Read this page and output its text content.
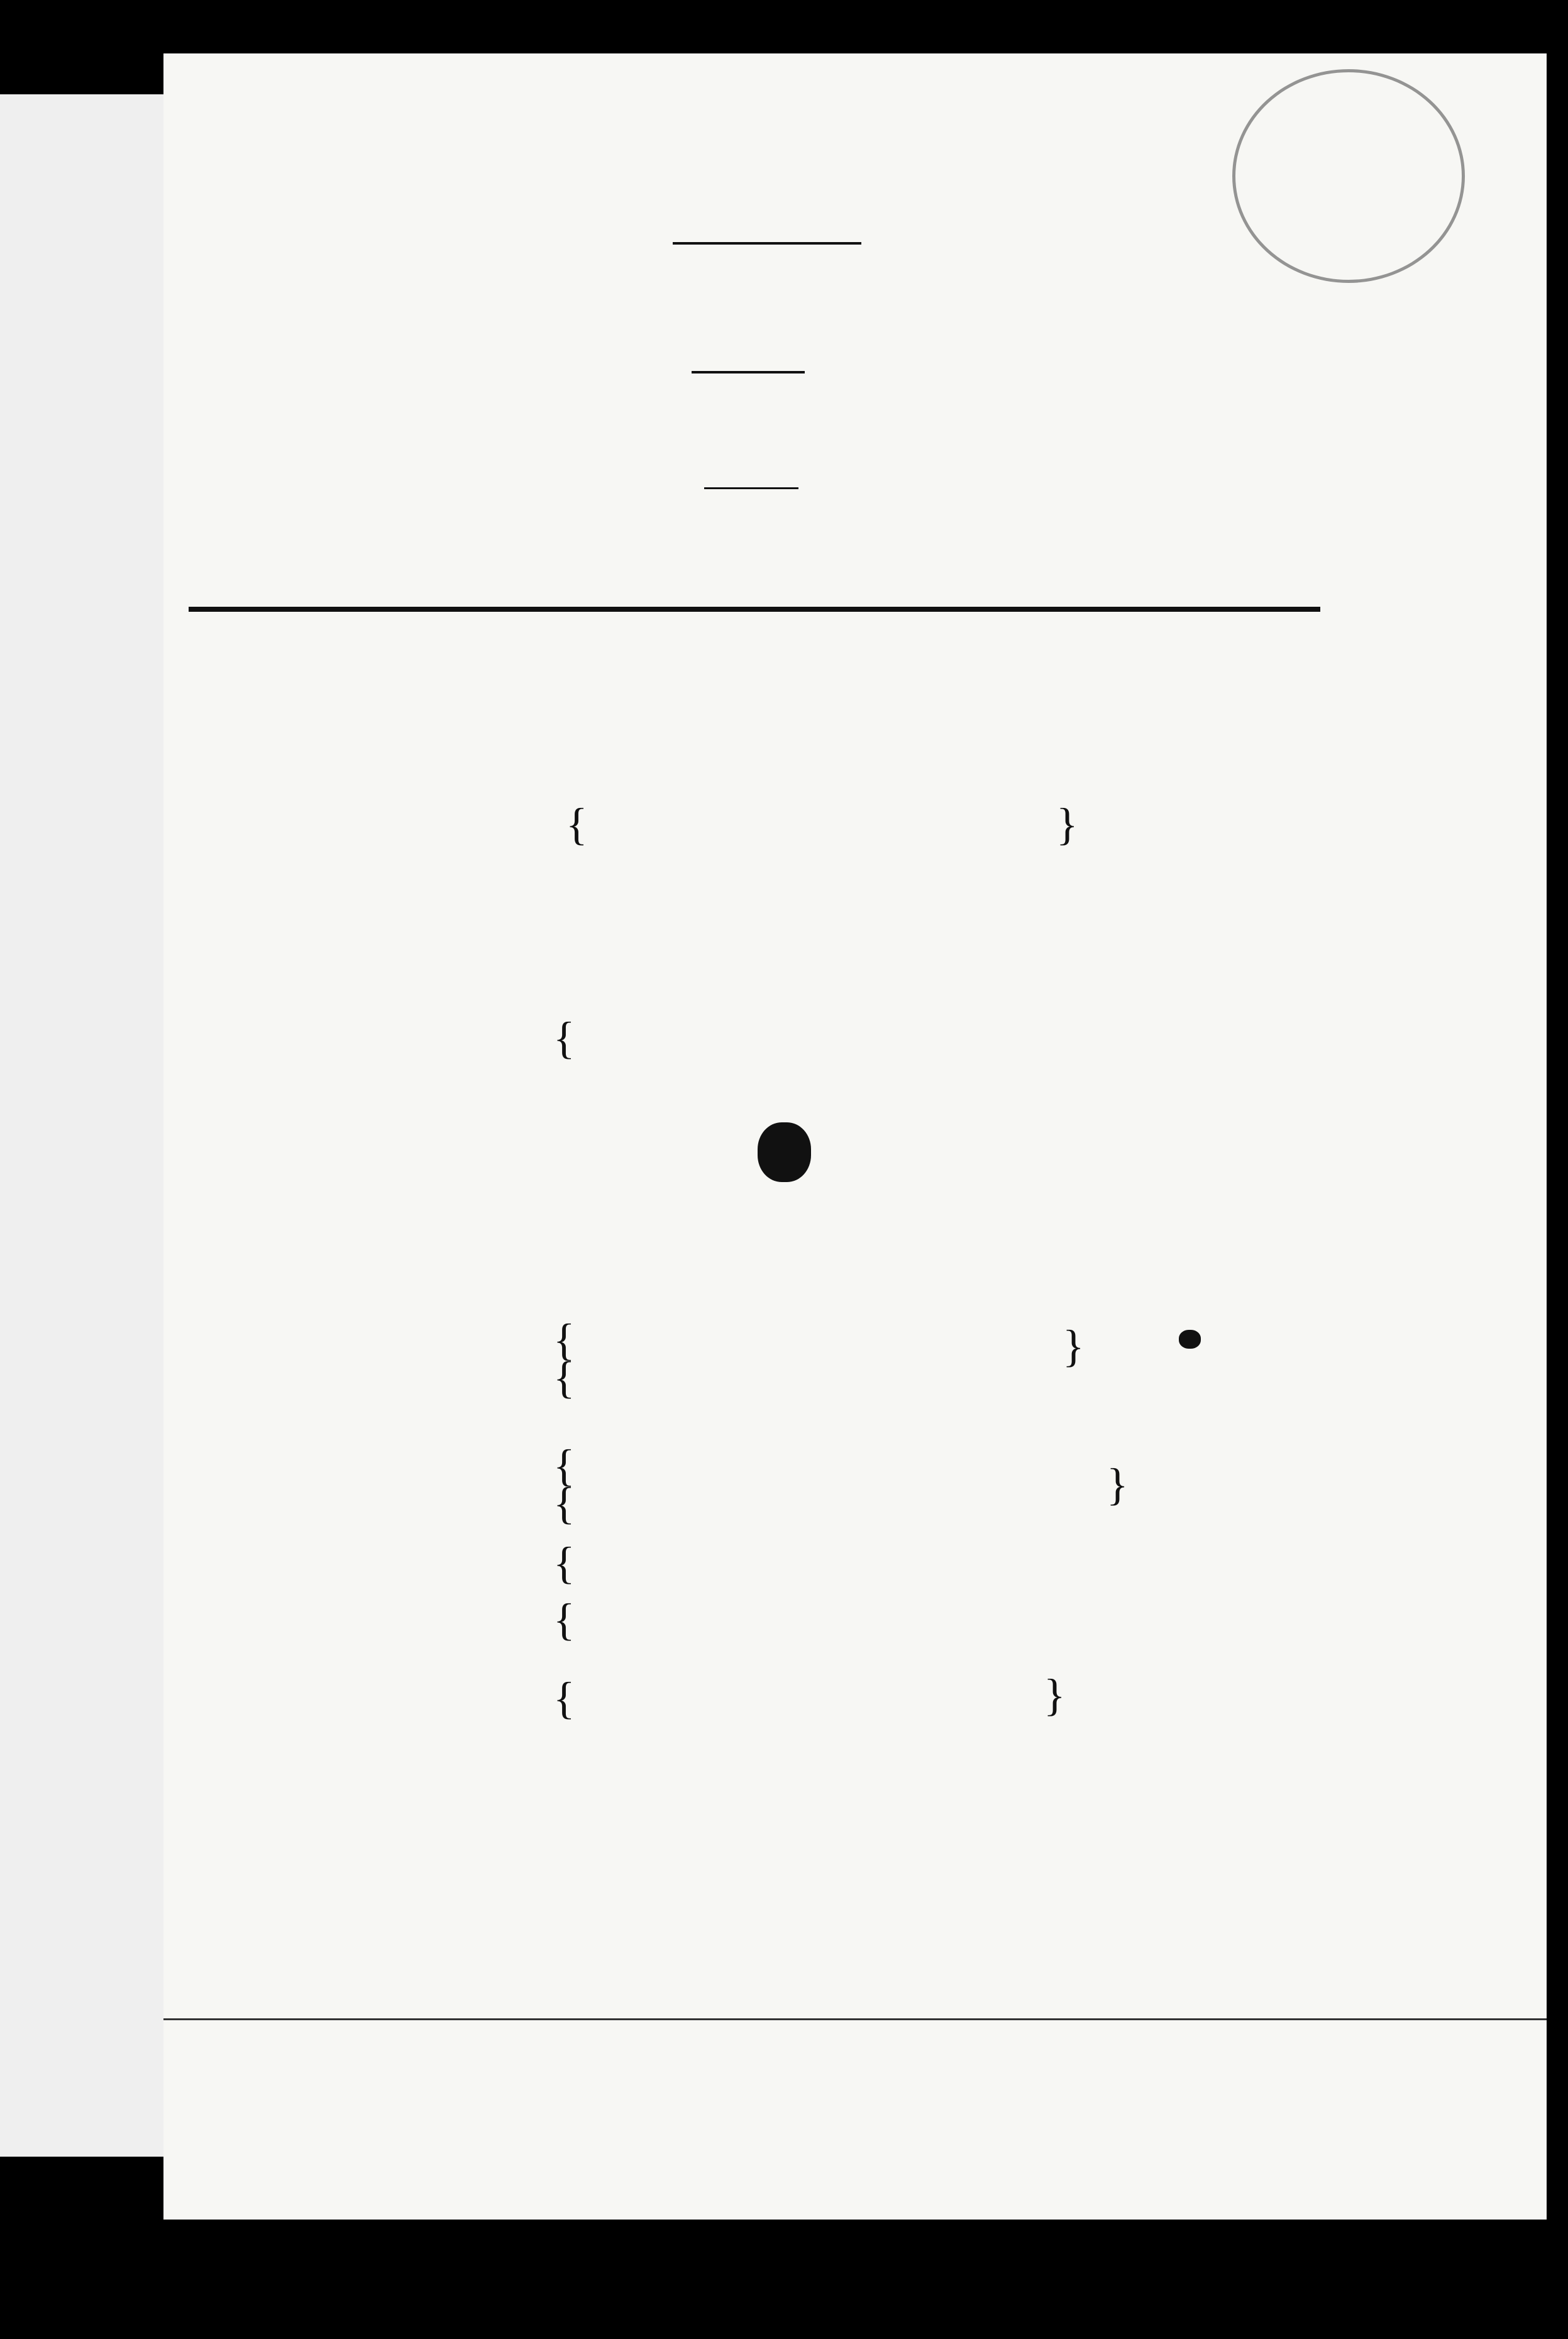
{	}
{
{
{
}
{
{	}
{
{
{	}
